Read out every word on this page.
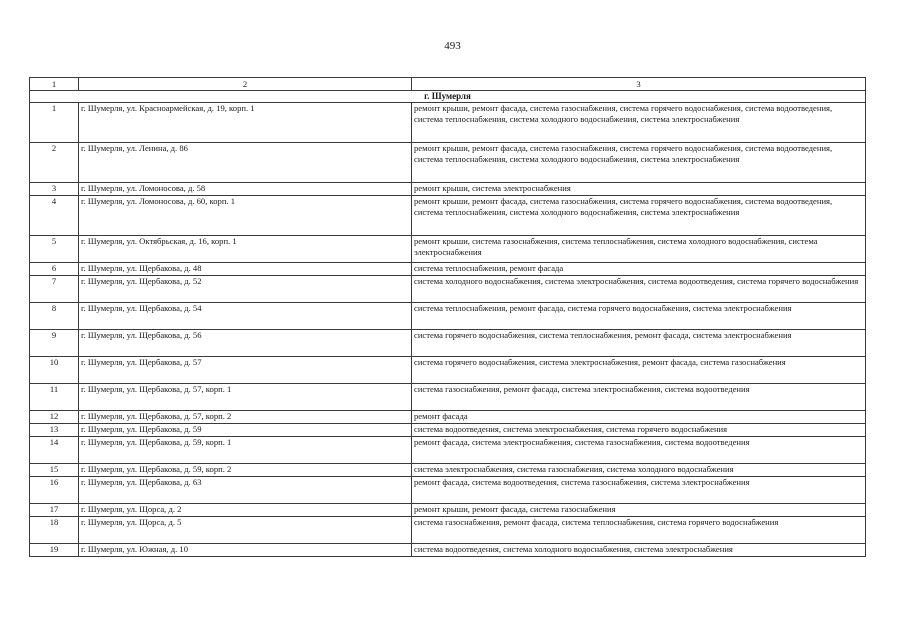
493
1	2	3
г. Шумерля		
1	г. Шумерля, ул. Красноармейская, д. 19, корп. 1	ремонт крыши, ремонт фасада, система газоснабжения, система горячего водоснабжения, система водоотведения, система теплоснабжения, система холодного водоснабжения, система электроснабжения
2	г. Шумерля, ул. Ленина, д. 86	ремонт крыши, ремонт фасада, система газоснабжения, система горячего водоснабжения, система водоотведения, система теплоснабжения, система холодного водоснабжения, система электроснабжения
3	г. Шумерля, ул. Ломоносова, д. 58	ремонт крыши, система электроснабжения
4	г. Шумерля, ул. Ломоносова, д. 60, корп. 1	ремонт крыши, ремонт фасада, система газоснабжения, система горячего водоснабжения, система водоотведения, система теплоснабжения, система холодного водоснабжения, система электроснабжения
5	г. Шумерля, ул. Октябрьская, д. 16, корп. 1	ремонт крыши, система газоснабжения, система теплоснабжения, система холодного водоснабжения, система электроснабжения
6	г. Шумерля, ул. Щербакова, д. 48	система теплоснабжения, ремонт фасада
7	г. Шумерля, ул. Щербакова, д. 52	система холодного водоснабжения, система электроснабжения, система водоотведения, система горячего водоснабжения
8	г. Шумерля, ул. Щербакова, д. 54	система теплоснабжения, ремонт фасада, система горячего водоснабжения, система электроснабжения
9	г. Шумерля, ул. Щербакова, д. 56	система горячего водоснабжения, система теплоснабжения, ремонт фасада, система электроснабжения
10	г. Шумерля, ул. Щербакова, д. 57	система горячего водоснабжения, система электроснабжения, ремонт фасада, система газоснабжения
11	г. Шумерля, ул. Щербакова, д. 57, корп. 1	система газоснабжения, ремонт фасада, система электроснабжения, система водоотведения
12	г. Шумерля, ул. Щербакова, д. 57, корп. 2	ремонт фасада
13	г. Шумерля, ул. Щербакова, д. 59	система водоотведения, система электроснабжения, система горячего водоснабжения
14	г. Шумерля, ул. Щербакова, д. 59, корп. 1	ремонт фасада, система электроснабжения, система газоснабжения, система водоотведения
15	г. Шумерля, ул. Щербакова, д. 59, корп. 2	система электроснабжения, система газоснабжения, система холодного водоснабжения
16	г. Шумерля, ул. Щербакова, д. 63	ремонт фасада, система водоотведения, система газоснабжения, система электроснабжения
17	г. Шумерля, ул. Щорса, д. 2	ремонт крыши, ремонт фасада, система газоснабжения
18	г. Шумерля, ул. Щорса, д. 5	система газоснабжения, ремонт фасада, система теплоснабжения, система горячего водоснабжения
19	г. Шумерля, ул. Южная, д. 10	система водоотведения, система холодного водоснабжения, система электроснабжения
